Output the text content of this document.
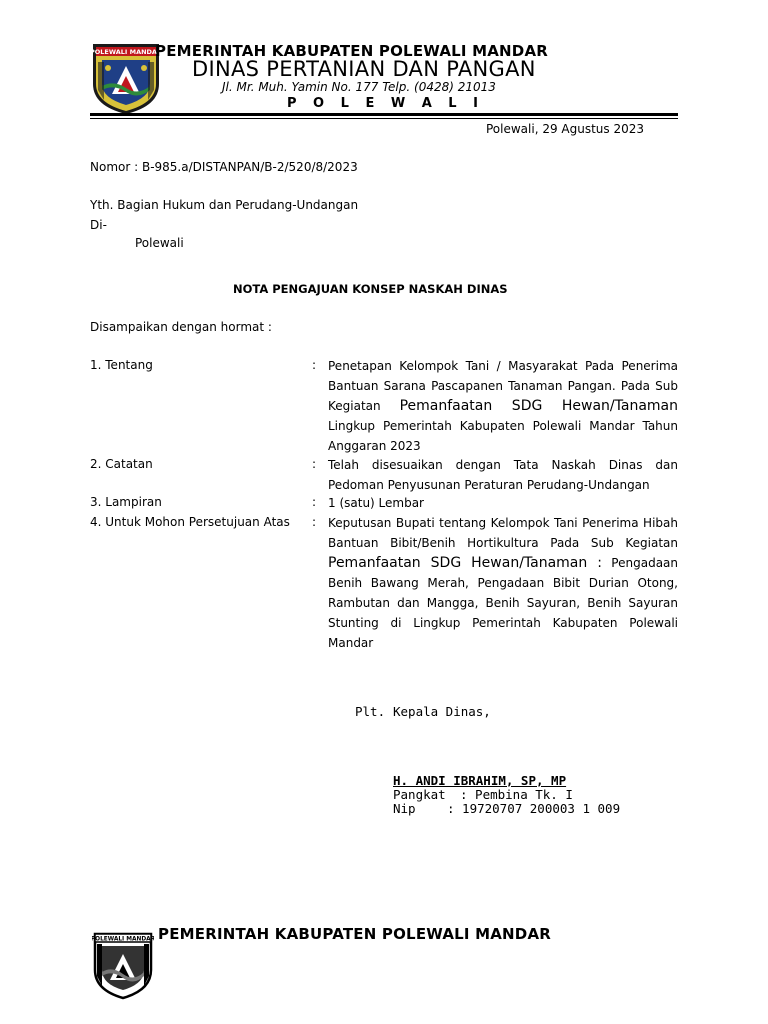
POLEWALI MANDAR
PEMERINTAH KABUPATEN POLEWALI MANDAR
DINAS PERTANIAN DAN PANGAN
Jl. Mr. Muh. Yamin No. 177 Telp. (0428) 21013
P O L E W A L I
Polewali, 29 Agustus 2023
Nomor : B-985.a/DISTANPAN/B-2/520/8/2023
Yth. Bagian Hukum dan Perudang-Undangan
Di-
Polewali
NOTA PENGAJUAN KONSEP NASKAH DINAS
Disampaikan dengan hormat :
1. Tentang	: Penetapan Kelompok Tani / Masyarakat Pada Penerima Bantuan Sarana Pascapanen Tanaman Pangan. Pada Sub Kegiatan Pemanfaatan SDG Hewan/Tanaman Lingkup Pemerintah Kabupaten Polewali Mandar Tahun Anggaran 2023
2. Catatan	: Telah disesuaikan dengan Tata Naskah Dinas dan Pedoman Penyusunan Peraturan Perudang-Undangan
3. Lampiran	: 1 (satu) Lembar
4. Untuk Mohon Persetujuan Atas : Keputusan Bupati tentang Kelompok Tani Penerima Hibah Bantuan Bibit/Benih Hortikultura Pada Sub Kegiatan Pemanfaatan SDG Hewan/Tanaman : Pengadaan Benih Bawang Merah, Pengadaan Bibit Durian Otong, Rambutan dan Mangga, Benih Sayuran, Benih Sayuran Stunting di Lingkup Pemerintah Kabupaten Polewali Mandar
Plt. Kepala Dinas,
H. ANDI IBRAHIM, SP, MP
Pangkat : Pembina Tk. I
Nip	: 19720707 200003 1 009
POLEWALI MANDAR PEMERINTAH KABUPATEN POLEWALI MANDAR
